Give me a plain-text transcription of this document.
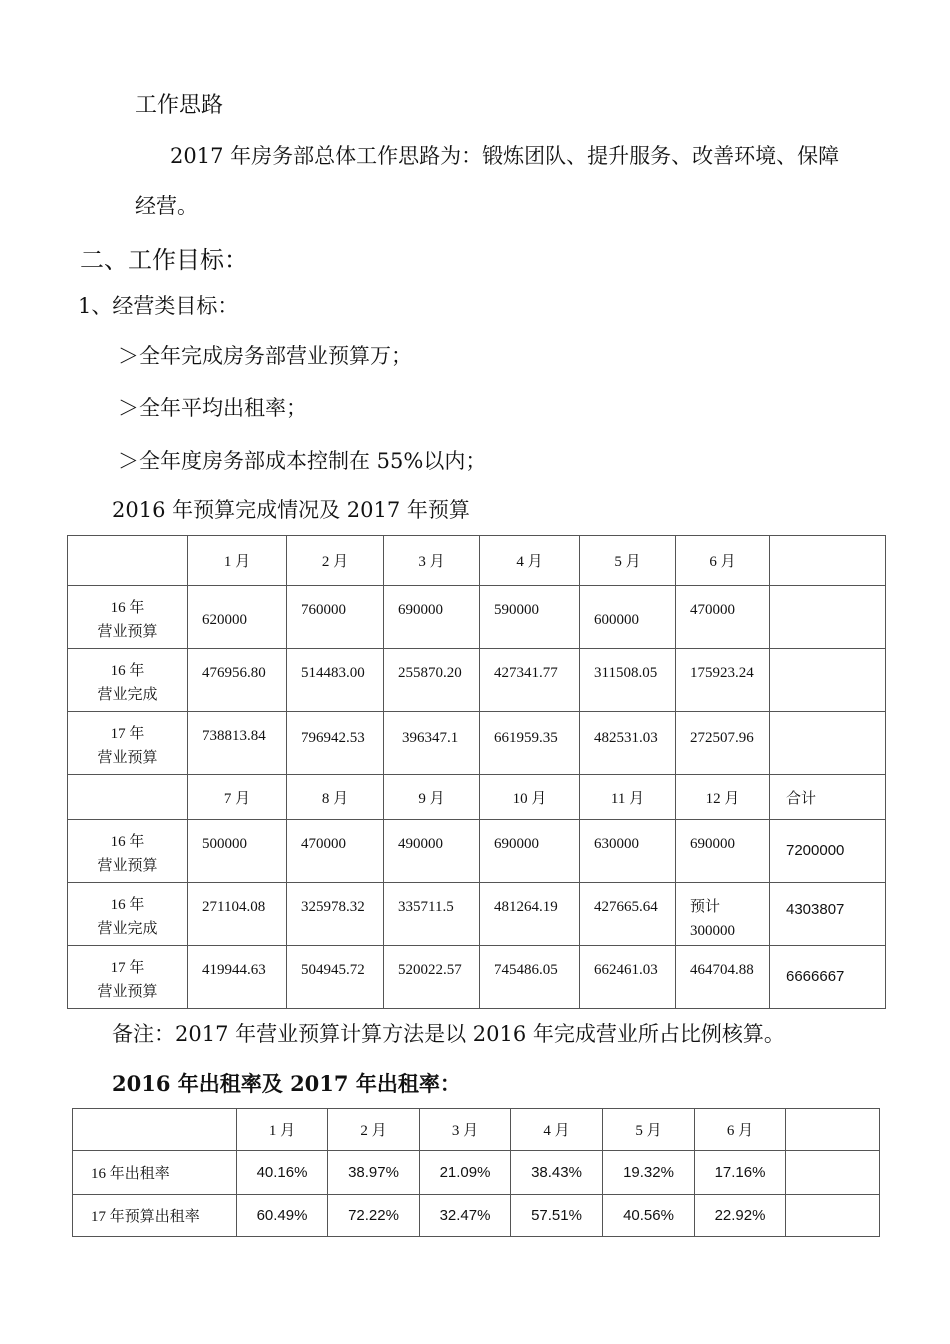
工作思路
2017 年房务部总体工作思路为：锻炼团队、提升服务、改善环境、保障
经营。
二、工作目标：
1、经营类目标：
＞全年完成房务部营业预算万；
＞全年平均出租率；
＞全年度房务部成本控制在 55%以内；
2016 年预算完成情况及 2017 年预算
	1 月	2 月	3 月	4 月	5 月	6 月	
16 年
营业预算	620000	760000	690000	590000	600000	470000	
16 年
营业完成	476956.80	514483.00	255870.20	427341.77	311508.05	175923.24	
17 年
营业预算	738813.84	796942.53	396347.1	661959.35	482531.03	272507.96	
	7 月	8 月	9 月	10 月	11 月	12 月	合计
16 年
营业预算	500000	470000	490000	690000	630000	690000	7200000
16 年
营业完成	271104.08	325978.32	335711.5	481264.19	427665.64	预计
300000	4303807
17 年
营业预算	419944.63	504945.72	520022.57	745486.05	662461.03	464704.88	6666667
备注：2017 年营业预算计算方法是以 2016 年完成营业所占比例核算。
2016 年出租率及 2017 年出租率：
	1 月	2 月	3 月	4 月	5 月	6 月	
16 年出租率	40.16%	38.97%	21.09%	38.43%	19.32%	17.16%	
17 年预算出租率	60.49%	72.22%	32.47%	57.51%	40.56%	22.92%	
